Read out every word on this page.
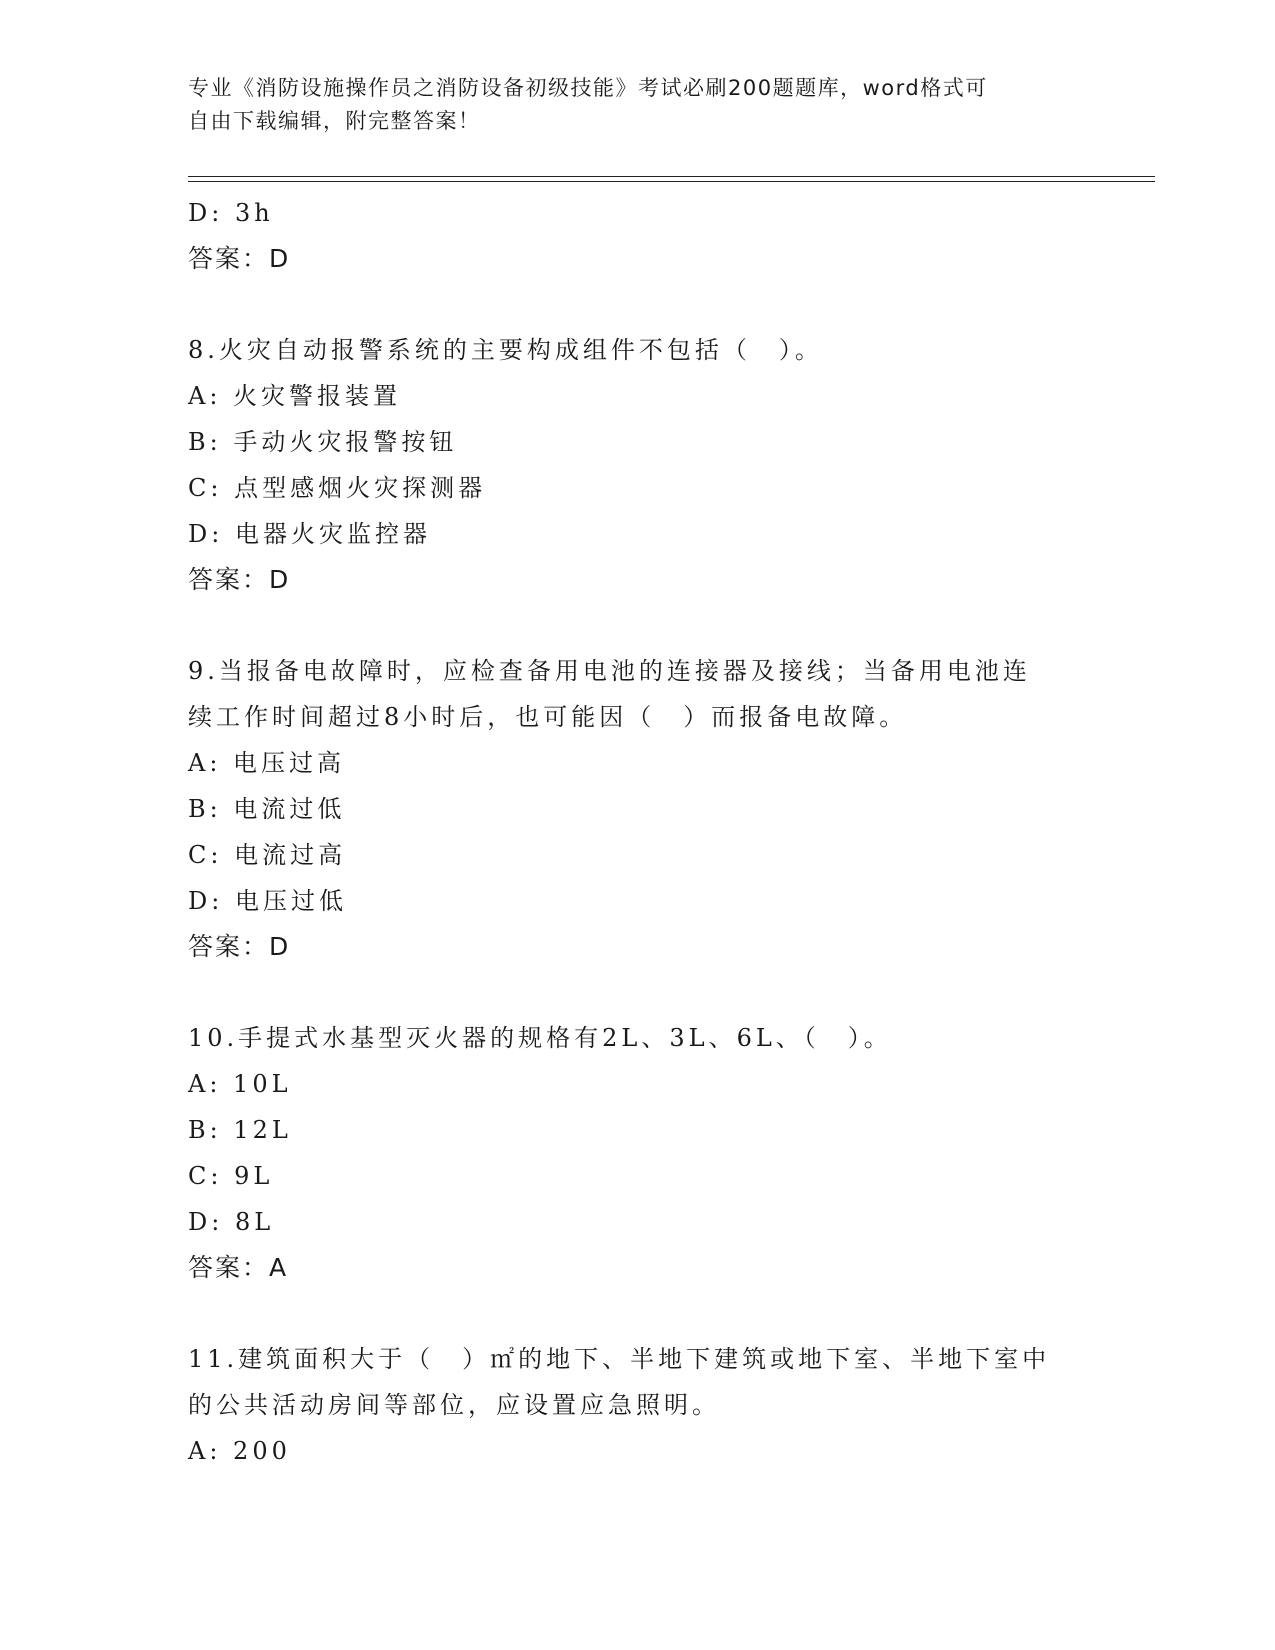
专业《消防设施操作员之消防设备初级技能》考试必刷200题题库，word格式可
自由下载编辑，附完整答案！
D: 3h
答案：D
8.火灾自动报警系统的主要构成组件不包括（　）。
A: 火灾警报装置
B: 手动火灾报警按钮
C: 点型感烟火灾探测器
D: 电器火灾监控器
答案：D
9.当报备电故障时，应检查备用电池的连接器及接线；当备用电池连
续工作时间超过8小时后，也可能因（　）而报备电故障。
A: 电压过高
B: 电流过低
C: 电流过高
D: 电压过低
答案：D
10.手提式水基型灭火器的规格有2L、3L、6L、（　）。
A: 10L
B: 12L
C: 9L
D: 8L
答案：A
11.建筑面积大于（　）㎡的地下、半地下建筑或地下室、半地下室中
的公共活动房间等部位，应设置应急照明。
A: 200
